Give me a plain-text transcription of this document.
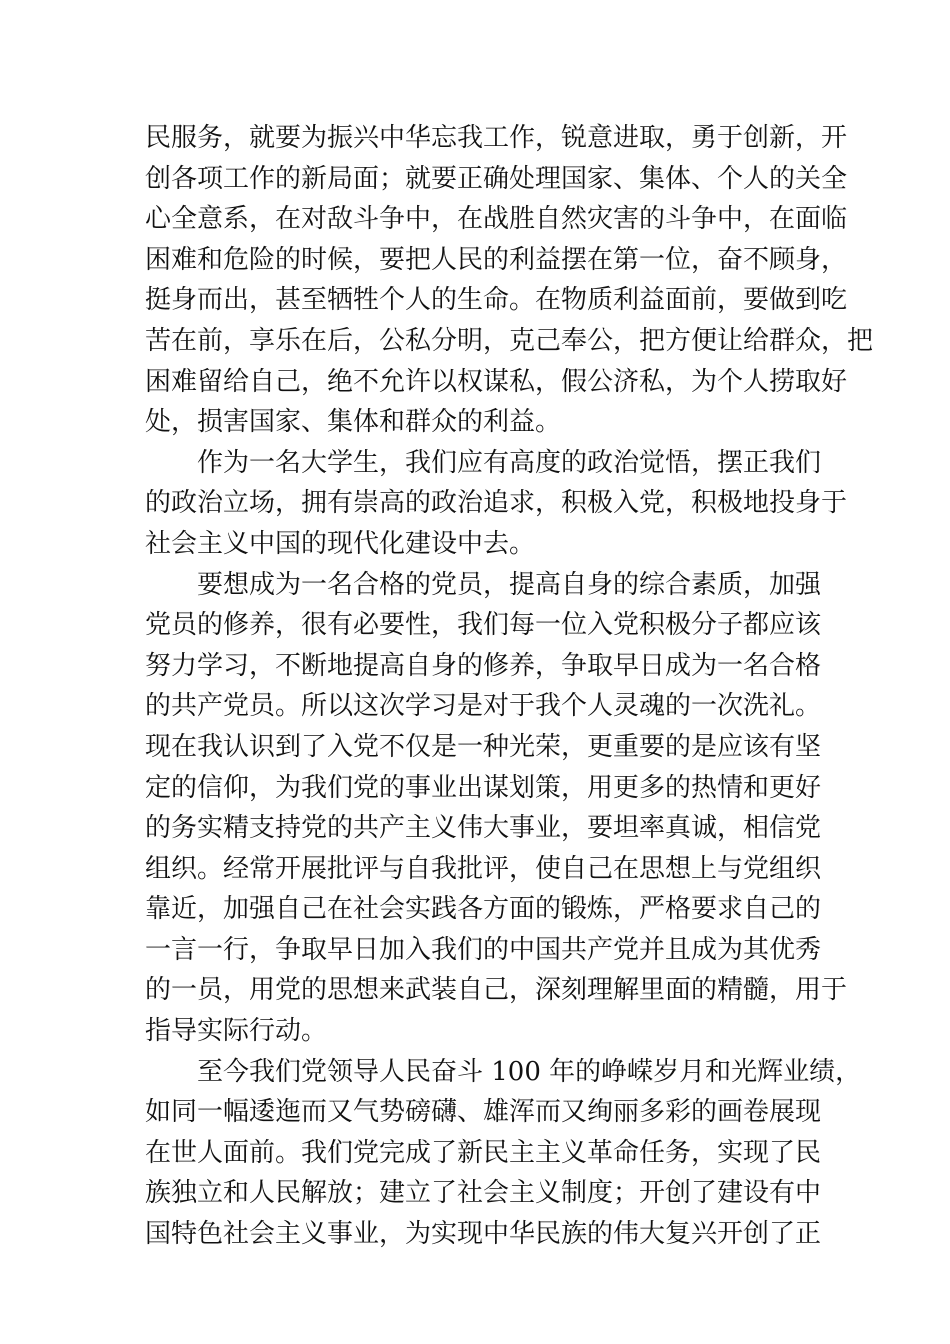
民服务，就要为振兴中华忘我工作，锐意进取，勇于创新，开
创各项工作的新局面；就要正确处理国家、集体、个人的关全
心全意系，在对敌斗争中，在战胜自然灾害的斗争中，在面临
困难和危险的时候，要把人民的利益摆在第一位，奋不顾身，
挺身而出，甚至牺牲个人的生命。在物质利益面前，要做到吃
苦在前，享乐在后，公私分明，克己奉公，把方便让给群众，把
困难留给自己，绝不允许以权谋私，假公济私，为个人捞取好
处，损害国家、集体和群众的利益。
　　作为一名大学生，我们应有高度的政治觉悟，摆正我们
的政治立场，拥有崇高的政治追求，积极入党，积极地投身于
社会主义中国的现代化建设中去。
　　要想成为一名合格的党员，提高自身的综合素质，加强
党员的修养，很有必要性，我们每一位入党积极分子都应该
努力学习，不断地提高自身的修养，争取早日成为一名合格
的共产党员。所以这次学习是对于我个人灵魂的一次洗礼。
现在我认识到了入党不仅是一种光荣，更重要的是应该有坚
定的信仰，为我们党的事业出谋划策，用更多的热情和更好
的务实精支持党的共产主义伟大事业，要坦率真诚，相信党
组织。经常开展批评与自我批评，使自己在思想上与党组织
靠近，加强自己在社会实践各方面的锻炼，严格要求自己的
一言一行，争取早日加入我们的中国共产党并且成为其优秀
的一员，用党的思想来武装自己，深刻理解里面的精髓，用于
指导实际行动。
　　至今我们党领导人民奋斗 100 年的峥嵘岁月和光辉业绩，
如同一幅逶迤而又气势磅礴、雄浑而又绚丽多彩的画卷展现
在世人面前。我们党完成了新民主主义革命任务，实现了民
族独立和人民解放；建立了社会主义制度；开创了建设有中
国特色社会主义事业，为实现中华民族的伟大复兴开创了正
